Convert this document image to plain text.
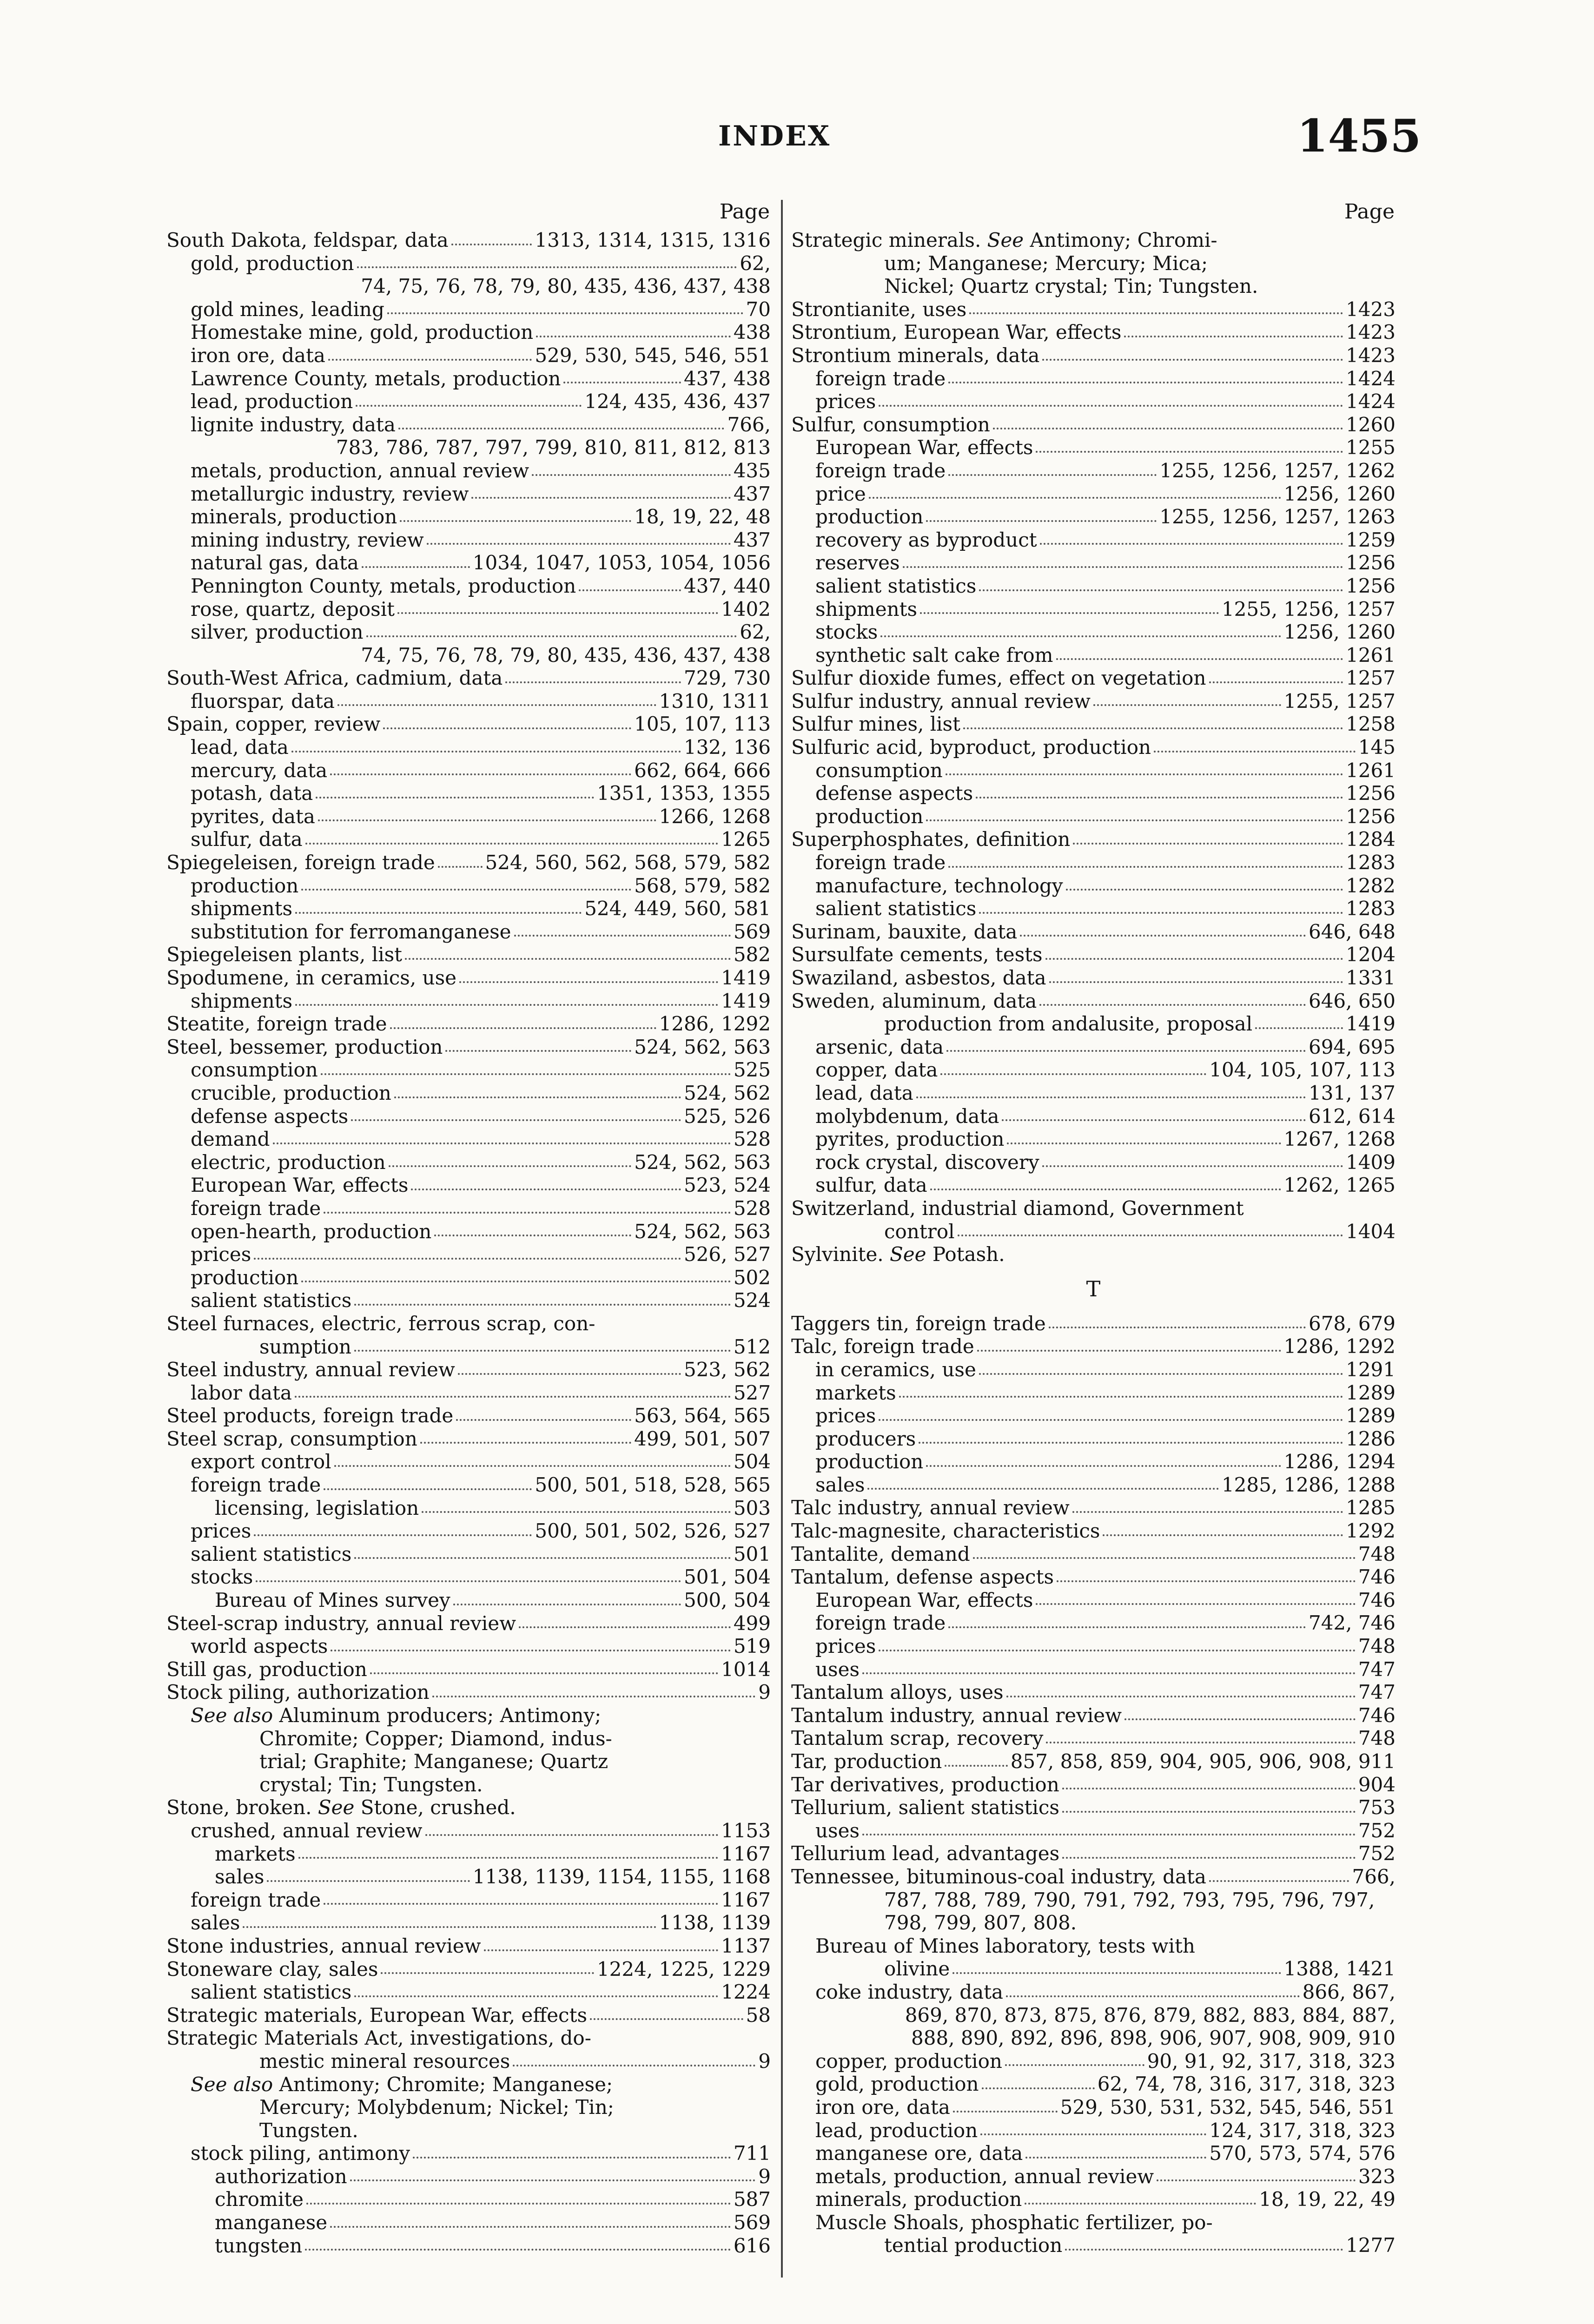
INDEX	1455
Page
South Dakota, feldspar, data	1313, 1314, 1315, 1316
gold, production	62,
74, 75, 76, 78, 79, 80, 435, 436, 437, 438
gold mines, leading	70
Homestake mine, gold, production	438
iron ore, data	529, 530, 545, 546, 551
Lawrence County, metals, production	437, 438
lead, production	124, 435, 436, 437
lignite industry, data	766,
783, 786, 787, 797, 799, 810, 811, 812, 813
metals, production, annual review	435
metallurgic industry, review	437
minerals, production	18, 19, 22, 48
mining industry, review	437
natural gas, data	1034, 1047, 1053, 1054, 1056
Pennington County, metals, production	437, 440
rose, quartz, deposit	1402
silver, production	62,
74, 75, 76, 78, 79, 80, 435, 436, 437, 438
South-West Africa, cadmium, data	729, 730
fluorspar, data	1310, 1311
Spain, copper, review	105, 107, 113
lead, data	132, 136
mercury, data	662, 664, 666
potash, data	1351, 1353, 1355
pyrites, data	1266, 1268
sulfur, data	1265
Spiegeleisen, foreign trade	524, 560, 562, 568, 579, 582
production	568, 579, 582
shipments	524, 449, 560, 581
substitution for ferromanganese	569
Spiegeleisen plants, list	582
Spodumene, in ceramics, use	1419
shipments	1419
Steatite, foreign trade	1286, 1292
Steel, bessemer, production	524, 562, 563
consumption	525
crucible, production	524, 562
defense aspects	525, 526
demand	528
electric, production	524, 562, 563
European War, effects	523, 524
foreign trade	528
open-hearth, production	524, 562, 563
prices	526, 527
production	502
salient statistics	524
Steel furnaces, electric, ferrous scrap, con-
sumption	512
Steel industry, annual review	523, 562
labor data	527
Steel products, foreign trade	563, 564, 565
Steel scrap, consumption	499, 501, 507
export control	504
foreign trade	500, 501, 518, 528, 565
licensing, legislation	503
prices	500, 501, 502, 526, 527
salient statistics	501
stocks	501, 504
Bureau of Mines survey	500, 504
Steel-scrap industry, annual review	499
world aspects	519
Still gas, production	1014
Stock piling, authorization	9
See also Aluminum producers; Antimony;
Chromite; Copper; Diamond, indus-
trial; Graphite; Manganese; Quartz
crystal; Tin; Tungsten.
Stone, broken. See Stone, crushed.
crushed, annual review	1153
markets	1167
sales	1138, 1139, 1154, 1155, 1168
foreign trade	1167
sales	1138, 1139
Stone industries, annual review	1137
Stoneware clay, sales	1224, 1225, 1229
salient statistics	1224
Strategic materials, European War, effects	58
Strategic Materials Act, investigations, do-
mestic mineral resources	9
See also Antimony; Chromite; Manganese;
Mercury; Molybdenum; Nickel; Tin;
Tungsten.
stock piling, antimony	711
authorization	9
chromite	587
manganese	569
tungsten	616
Page
Strategic minerals. See Antimony; Chromi-
um; Manganese; Mercury; Mica;
Nickel; Quartz crystal; Tin; Tungsten.
Strontianite, uses	1423
Strontium, European War, effects	1423
Strontium minerals, data	1423
foreign trade	1424
prices	1424
Sulfur, consumption	1260
European War, effects	1255
foreign trade	1255, 1256, 1257, 1262
price	1256, 1260
production	1255, 1256, 1257, 1263
recovery as byproduct	1259
reserves	1256
salient statistics	1256
shipments	1255, 1256, 1257
stocks	1256, 1260
synthetic salt cake from	1261
Sulfur dioxide fumes, effect on vegetation	1257
Sulfur industry, annual review	1255, 1257
Sulfur mines, list	1258
Sulfuric acid, byproduct, production	145
consumption	1261
defense aspects	1256
production	1256
Superphosphates, definition	1284
foreign trade	1283
manufacture, technology	1282
salient statistics	1283
Surinam, bauxite, data	646, 648
Sursulfate cements, tests	1204
Swaziland, asbestos, data	1331
Sweden, aluminum, data	646, 650
production from andalusite, proposal	1419
arsenic, data	694, 695
copper, data	104, 105, 107, 113
lead, data	131, 137
molybdenum, data	612, 614
pyrites, production	1267, 1268
rock crystal, discovery	1409
sulfur, data	1262, 1265
Switzerland, industrial diamond, Government
control	1404
Sylvinite. See Potash.
T
Taggers tin, foreign trade	678, 679
Talc, foreign trade	1286, 1292
in ceramics, use	1291
markets	1289
prices	1289
producers	1286
production	1286, 1294
sales	1285, 1286, 1288
Talc industry, annual review	1285
Talc-magnesite, characteristics	1292
Tantalite, demand	748
Tantalum, defense aspects	746
European War, effects	746
foreign trade	742, 746
prices	748
uses	747
Tantalum alloys, uses	747
Tantalum industry, annual review	746
Tantalum scrap, recovery	748
Tar, production	857, 858, 859, 904, 905, 906, 908, 911
Tar derivatives, production	904
Tellurium, salient statistics	753
uses	752
Tellurium lead, advantages	752
Tennessee, bituminous-coal industry, data	766,
787, 788, 789, 790, 791, 792, 793, 795, 796, 797,
798, 799, 807, 808.
Bureau of Mines laboratory, tests with
olivine	1388, 1421
coke industry, data	866, 867,
869, 870, 873, 875, 876, 879, 882, 883, 884, 887,
888, 890, 892, 896, 898, 906, 907, 908, 909, 910
copper, production	90, 91, 92, 317, 318, 323
gold, production	62, 74, 78, 316, 317, 318, 323
iron ore, data	529, 530, 531, 532, 545, 546, 551
lead, production	124, 317, 318, 323
manganese ore, data	570, 573, 574, 576
metals, production, annual review	323
minerals, production	18, 19, 22, 49
Muscle Shoals, phosphatic fertilizer, po-
tential production	1277
